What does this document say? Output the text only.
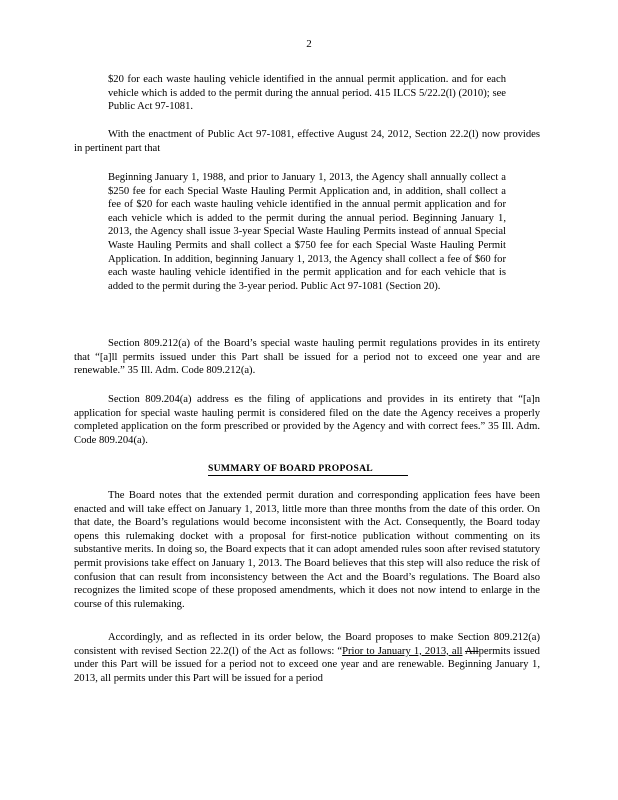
2

$20 for each waste hauling vehicle identified in the annual permit application. and for each vehicle which is added to the permit during the annual period. 415 ILCS 5/22.2(l) (2010); see Public Act 97-1081.

With the enactment of Public Act 97-1081, effective August 24, 2012, Section 22.2(l) now provides in pertinent part that

Beginning January 1, 1988, and prior to January 1, 2013, the Agency shall annually collect a $250 fee for each Special Waste Hauling Permit Application and, in addition, shall collect a fee of $20 for each waste hauling vehicle identified in the annual permit application and for each vehicle which is added to the permit during the annual period. Beginning January 1, 2013, the Agency shall issue 3-year Special Waste Hauling Permits instead of annual Special Waste Hauling Permits and shall collect a $750 fee for each Special Waste Hauling Permit Application. In addition, beginning January 1, 2013, the Agency shall collect a fee of $60 for each waste hauling vehicle identified in the permit application and for each vehicle that is added to the permit during the 3-year period. Public Act 97-1081 (Section 20).

Section 809.212(a) of the Board’s special waste hauling permit regulations provides in its entirety that “[a]ll permits issued under this Part shall be issued for a period not to exceed one year and are renewable.” 35 Ill. Adm. Code 809.212(a).

Section 809.204(a) address es the filing of applications and provides in its entirety that “[a]n application for special waste hauling permit is considered filed on the date the Agency receives a properly completed application on the form prescribed or provided by the Agency and with correct fees.” 35 Ill. Adm. Code 809.204(a).

SUMMARY OF BOARD PROPOSAL

The Board notes that the extended permit duration and corresponding application fees have been enacted and will take effect on January 1, 2013, little more than three months from the date of this order. On that date, the Board’s regulations would become inconsistent with the Act. Consequently, the Board today opens this rulemaking docket with a proposal for first-notice publication without commenting on its substantive merits. In doing so, the Board expects that it can adopt amended rules soon after revised statutory permit provisions take effect on January 1, 2013. The Board believes that this step will also reduce the risk of confusion that can result from inconsistency between the Act and the Board’s regulations. The Board also recognizes the limited scope of these proposed amendments, which it does not now intend to enlarge in the course of this rulemaking.

Accordingly, and as reflected in its order below, the Board proposes to make Section 809.212(a) consistent with revised Section 22.2(l) of the Act as follows: “Prior to January 1, 2013, all Allpermits issued under this Part will be issued for a period not to exceed one year and are renewable. Beginning January 1, 2013, all permits under this Part will be issued for a period
